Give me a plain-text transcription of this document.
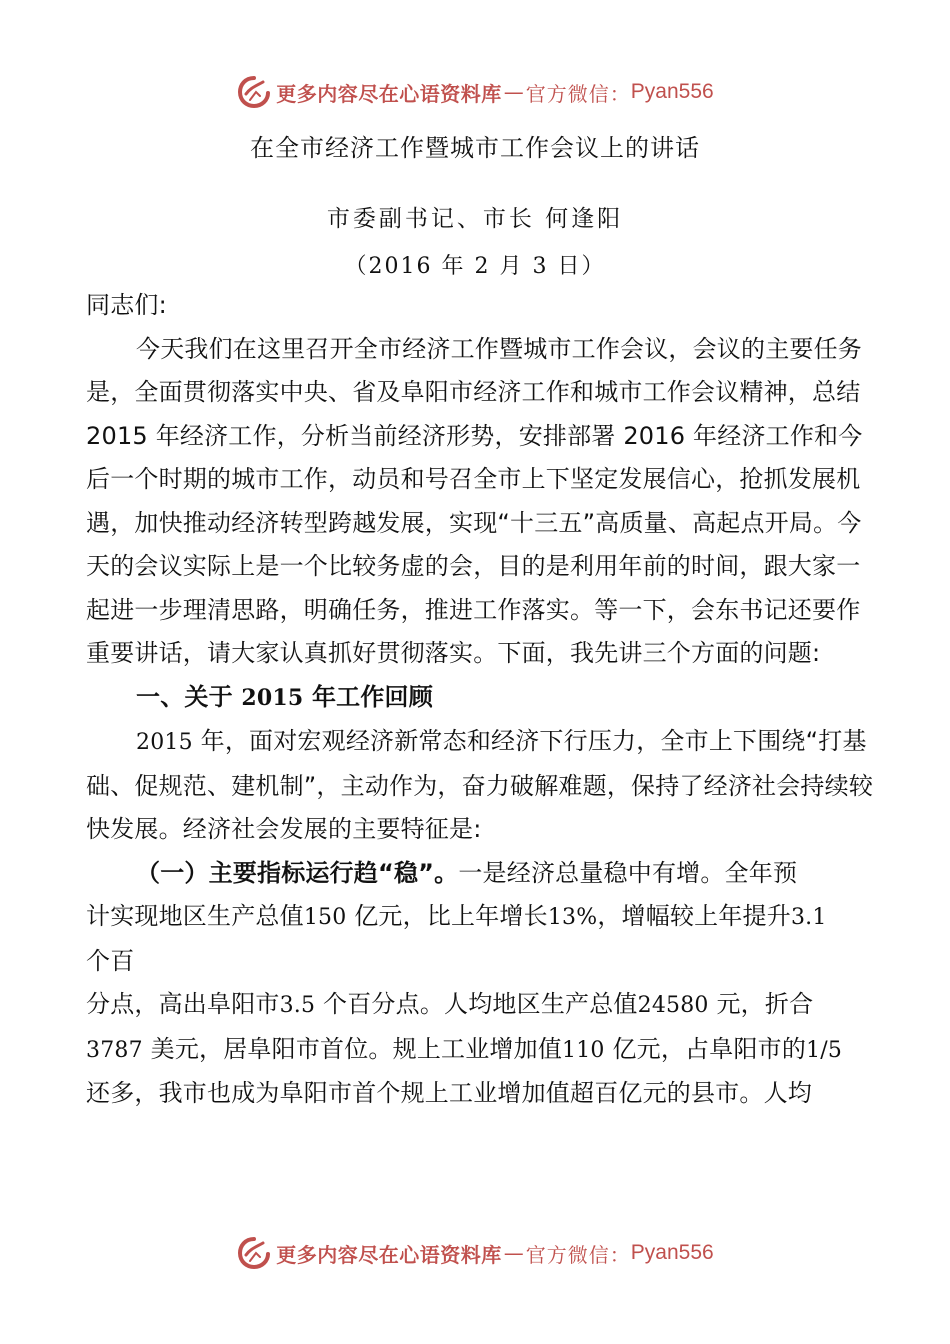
更多内容尽在心语资料库 — 官方微信： Pyan556
在全市经济工作暨城市工作会议上的讲话
市委副书记、市长 何逢阳
（2016 年 2 月 3 日）

同志们:

今天我们在这里召开全市经济工作暨城市工作会议，会议的主要任务是，全面贯彻落实中央、省及阜阳市经济工作和城市工作会议精神，总结 2015 年经济工作，分析当前经济形势，安排部署 2016 年经济工作和今后一个时期的城市工作，动员和号召全市上下坚定发展信心，抢抓发展机遇，加快推动经济转型跨越发展，实现“十三五”高质量、高起点开局。今天的会议实际上是一个比较务虚的会，目的是利用年前的时间，跟大家一起进一步理清思路，明确任务，推进工作落实。等一下，会东书记还要作重要讲话，请大家认真抓好贯彻落实。下面，我先讲三个方面的问题:

一、关于 2015 年工作回顾

2015 年，面对宏观经济新常态和经济下行压力，全市上下围绕“打基础、促规范、建机制”，主动作为，奋力破解难题，保持了经济社会持续较快发展。经济社会发展的主要特征是:

（一）主要指标运行趋“稳”。一是经济总量稳中有增。全年预

计实现地区生产总值150 亿元，比上年增长13%，增幅较上年提升3.1

个百

分点，高出阜阳市3.5 个百分点。人均地区生产总值24580 元，折合

3787 美元，居阜阳市首位。规上工业增加值110 亿元，占阜阳市的1/5

还多，我市也成为阜阳市首个规上工业增加值超百亿元的县市。人均

更多内容尽在心语资料库 — 官方微信： Pyan556
